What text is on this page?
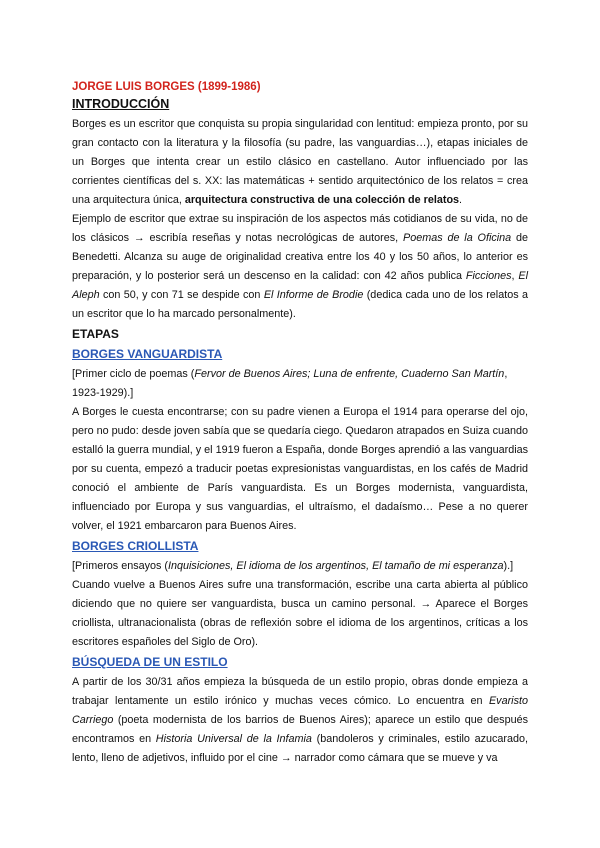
JORGE LUIS BORGES (1899-1986)
INTRODUCCIÓN

Borges es un escritor que conquista su propia singularidad con lentitud: empieza pronto, por su gran contacto con la literatura y la filosofía (su padre, las vanguardias…), etapas iniciales de un Borges que intenta crear un estilo clásico en castellano. Autor influenciado por las corrientes científicas del s. XX: las matemáticas + sentido arquitectónico de los relatos = crea una arquitectura única, arquitectura constructiva de una colección de relatos.

Ejemplo de escritor que extrae su inspiración de los aspectos más cotidianos de su vida, no de los clásicos → escribía reseñas y notas necrológicas de autores, Poemas de la Oficina de Benedetti. Alcanza su auge de originalidad creativa entre los 40 y los 50 años, lo anterior es preparación, y lo posterior será un descenso en la calidad: con 42 años publica Ficciones, El Aleph con 50, y con 71 se despide con El Informe de Brodie (dedica cada uno de los relatos a un escritor que lo ha marcado personalmente).

ETAPAS
BORGES VANGUARDISTA
[Primer ciclo de poemas (Fervor de Buenos Aires; Luna de enfrente, Cuaderno San Martín, 1923-1929).]

A Borges le cuesta encontrarse; con su padre vienen a Europa el 1914 para operarse del ojo, pero no pudo: desde joven sabía que se quedaría ciego. Quedaron atrapados en Suiza cuando estalló la guerra mundial, y el 1919 fueron a España, donde Borges aprendió a las vanguardias por su cuenta, empezó a traducir poetas expresionistas vanguardistas, en los cafés de Madrid conoció el ambiente de París vanguardista. Es un Borges modernista, vanguardista, influenciado por Europa y sus vanguardias, el ultraísmo, el dadaísmo… Pese a no querer volver, el 1921 embarcaron para Buenos Aires.

BORGES CRIOLLISTA
[Primeros ensayos (Inquisiciones, El idioma de los argentinos, El tamaño de mi esperanza).]

Cuando vuelve a Buenos Aires sufre una transformación, escribe una carta abierta al público diciendo que no quiere ser vanguardista, busca un camino personal. → Aparece el Borges criollista, ultranacionalista (obras de reflexión sobre el idioma de los argentinos, críticas a los escritores españoles del Siglo de Oro).

BÚSQUEDA DE UN ESTILO

A partir de los 30/31 años empieza la búsqueda de un estilo propio, obras donde empieza a trabajar lentamente un estilo irónico y muchas veces cómico. Lo encuentra en Evaristo Carriego (poeta modernista de los barrios de Buenos Aires); aparece un estilo que después encontramos en Historia Universal de la Infamia (bandoleros y criminales, estilo azucarado, lento, lleno de adjetivos, influido por el cine → narrador como cámara que se mueve y va
